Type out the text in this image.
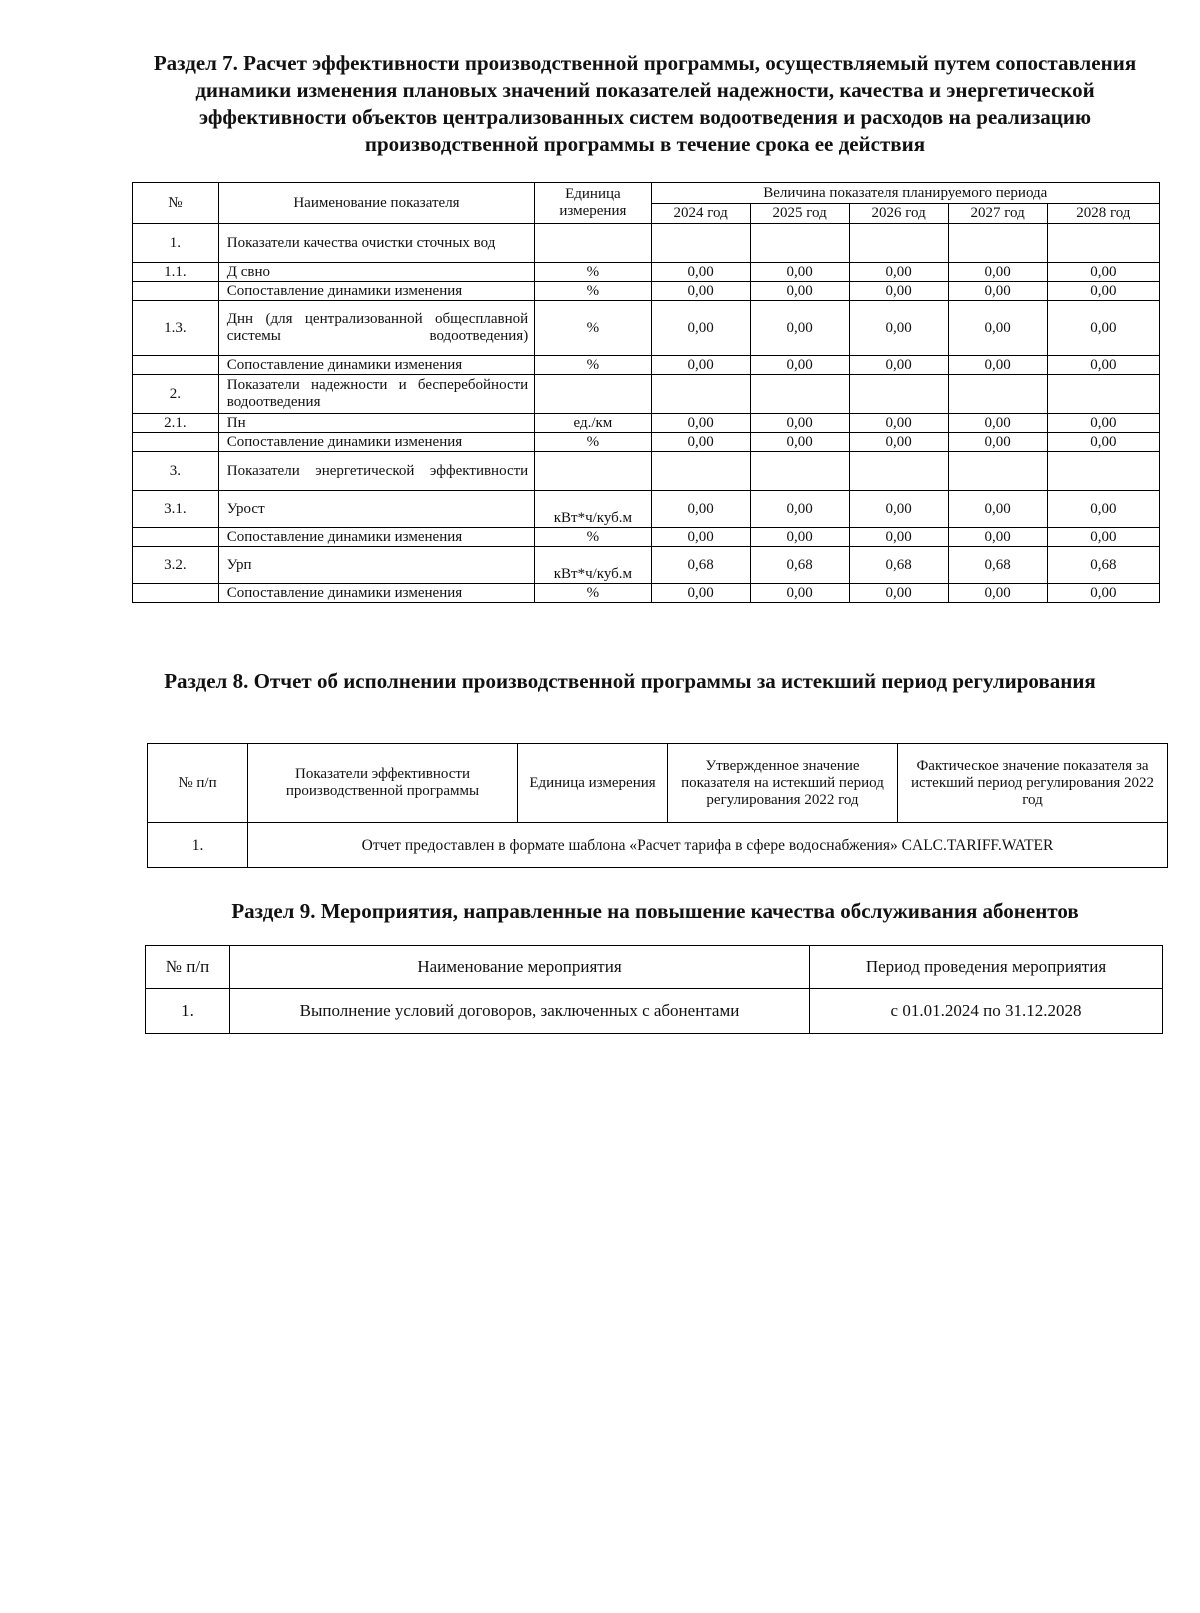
Раздел 7. Расчет эффективности производственной программы, осуществляемый путем сопоставления динамики изменения плановых значений показателей надежности, качества и энергетической эффективности объектов централизованных систем водоотведения и расходов на реализацию производственной программы в течение срока ее действия
№	Наименование показателя	Единица измерения	Величина показателя планируемого периода				
			2024 год	2025 год	2026 год	2027 год	2028 год
1.	Показатели качества очистки сточных вод						
1.1.	Д свно	%	0,00	0,00	0,00	0,00	0,00
	Сопоставление динамики изменения	%	0,00	0,00	0,00	0,00	0,00
1.3.	Днн (для централизованной общесплавной системы водоотведения)	%	0,00	0,00	0,00	0,00	0,00
	Сопоставление динамики изменения	%	0,00	0,00	0,00	0,00	0,00
2.	Показатели надежности и бесперебойности водоотведения						
2.1.	Пн	ед./км	0,00	0,00	0,00	0,00	0,00
	Сопоставление динамики изменения	%	0,00	0,00	0,00	0,00	0,00
3.	Показатели энергетической эффективности						
3.1.	Урост	кВт*ч/куб.м	0,00	0,00	0,00	0,00	0,00
	Сопоставление динамики изменения	%	0,00	0,00	0,00	0,00	0,00
3.2.	Урп	кВт*ч/куб.м	0,68	0,68	0,68	0,68	0,68
	Сопоставление динамики изменения	%	0,00	0,00	0,00	0,00	0,00
Раздел 8. Отчет об исполнении производственной программы за истекший период регулирования
№ п/п	Показатели эффективности производственной программы	Единица измерения	Утвержденное значение показателя на истекший период регулирования 2022 год	Фактическое значение показателя за истекший период регулирования 2022 год
1.	Отчет предоставлен в формате шаблона «Расчет тарифа в сфере водоснабжения» CALC.TARIFF.WATER			
Раздел 9. Мероприятия, направленные на повышение качества обслуживания абонентов
№ п/п	Наименование мероприятия	Период проведения мероприятия
1.	Выполнение условий договоров, заключенных с абонентами	с 01.01.2024 по 31.12.2028
